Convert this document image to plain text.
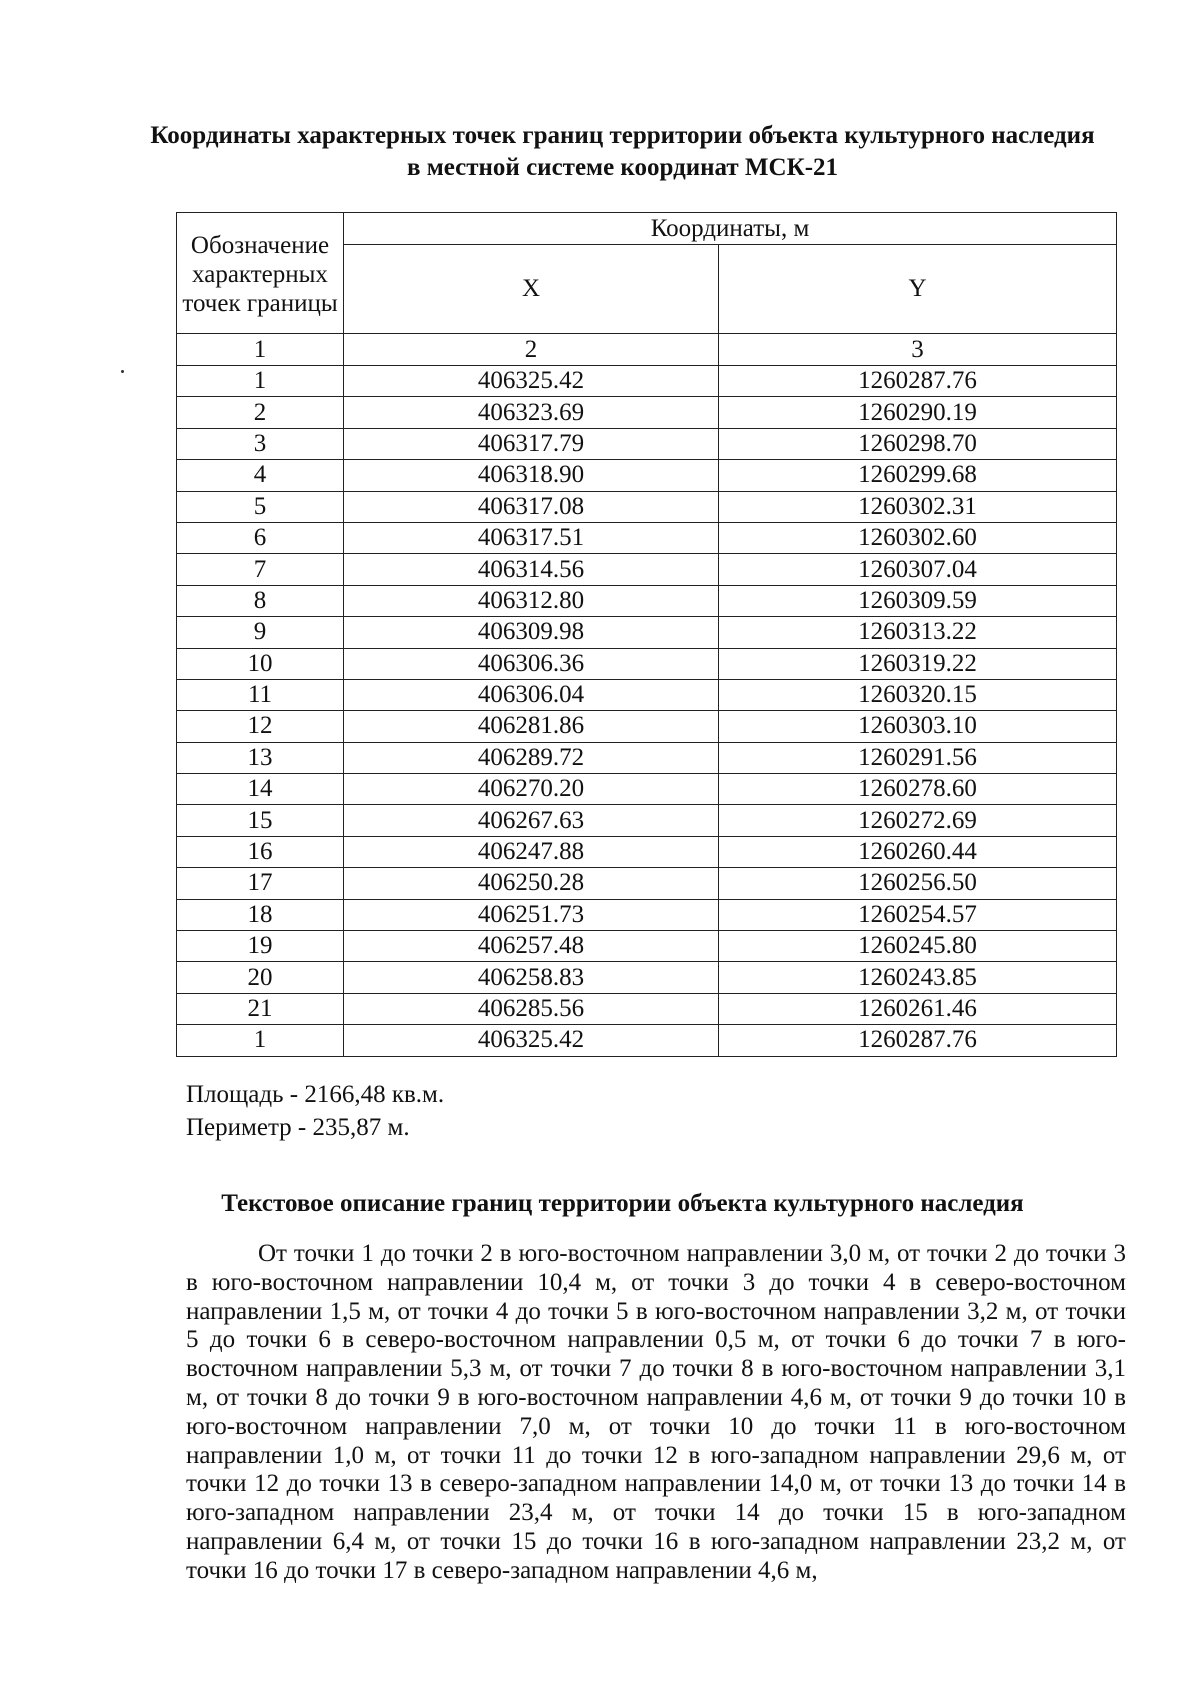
Координаты характерных точек границ территории объекта культурного наследия в местной системе координат МСК-21
Обозначение характерных точек границы	Координаты, м	
	X	Y
1	2	3
1	406325.42	1260287.76
2	406323.69	1260290.19
3	406317.79	1260298.70
4	406318.90	1260299.68
5	406317.08	1260302.31
6	406317.51	1260302.60
7	406314.56	1260307.04
8	406312.80	1260309.59
9	406309.98	1260313.22
10	406306.36	1260319.22
11	406306.04	1260320.15
12	406281.86	1260303.10
13	406289.72	1260291.56
14	406270.20	1260278.60
15	406267.63	1260272.69
16	406247.88	1260260.44
17	406250.28	1260256.50
18	406251.73	1260254.57
19	406257.48	1260245.80
20	406258.83	1260243.85
21	406285.56	1260261.46
1	406325.42	1260287.76
Площадь - 2166,48 кв.м.
Периметр - 235,87 м.
Текстовое описание границ территории объекта культурного наследия
От точки 1 до точки 2 в юго-восточном направлении 3,0 м, от точки 2 до точки 3 в юго-восточном направлении 10,4 м, от точки 3 до точки 4 в северо-восточном направлении 1,5 м, от точки 4 до точки 5 в юго-восточном направлении 3,2 м, от точки 5 до точки 6 в северо-восточном направлении 0,5 м, от точки 6 до точки 7 в юго-восточном направлении 5,3 м, от точки 7 до точки 8 в юго-восточном направлении 3,1 м, от точки 8 до точки 9 в юго-восточном направлении 4,6 м, от точки 9 до точки 10 в юго-восточном направлении 7,0 м, от точки 10 до точки 11 в юго-восточном направлении 1,0 м, от точки 11 до точки 12 в юго-западном направлении 29,6 м, от точки 12 до точки 13 в северо-западном направлении 14,0 м, от точки 13 до точки 14 в юго-западном направлении 23,4 м, от точки 14 до точки 15 в юго-западном направлении 6,4 м, от точки 15 до точки 16 в юго-западном направлении 23,2 м, от точки 16 до точки 17 в северо-западном направлении 4,6 м,
